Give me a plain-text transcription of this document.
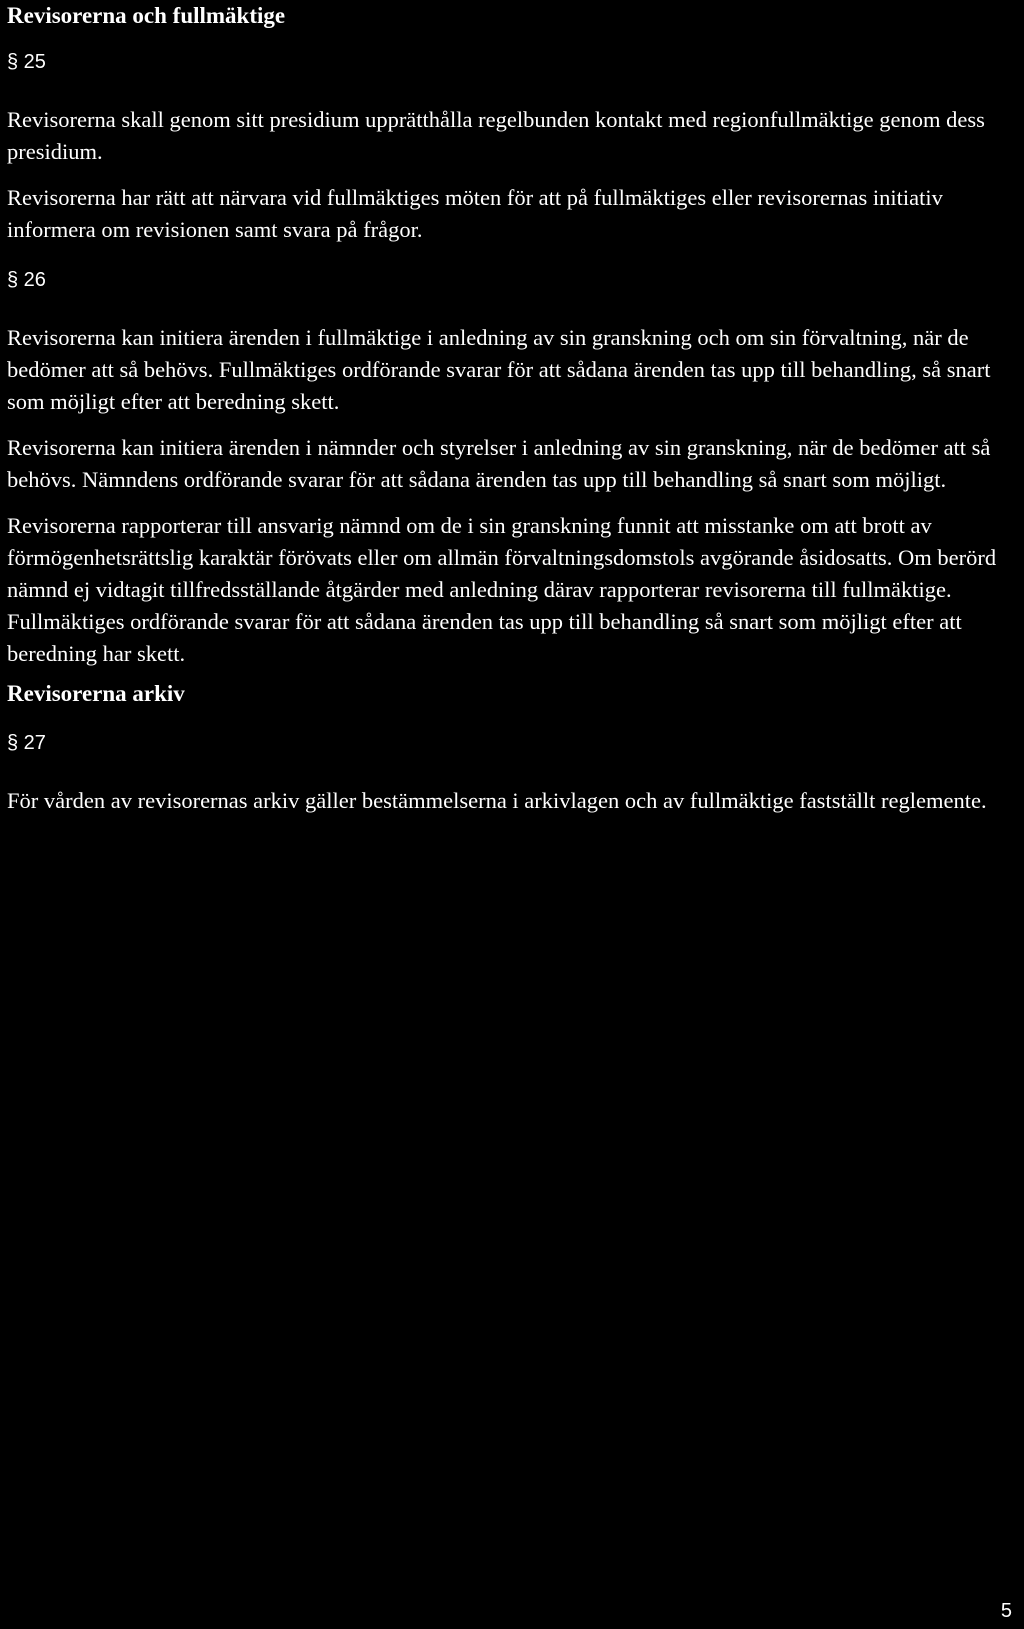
Revisorerna och fullmäktige
§ 25

Revisorerna skall genom sitt presidium upprätthålla regelbunden kontakt med regionfullmäktige genom dess presidium.

Revisorerna har rätt att närvara vid fullmäktiges möten för att på fullmäktiges eller revisorernas initiativ informera om revisionen samt svara på frågor.

§ 26

Revisorerna kan initiera ärenden i fullmäktige i anledning av sin granskning och om sin förvaltning, när de bedömer att så behövs. Fullmäktiges ordförande svarar för att sådana ärenden tas upp till behandling, så snart som möjligt efter att beredning skett.

Revisorerna kan initiera ärenden i nämnder och styrelser i anledning av sin granskning, när de bedömer att så behövs. Nämndens ordförande svarar för att sådana ärenden tas upp till behandling så snart som möjligt.

Revisorerna rapporterar till ansvarig nämnd om de i sin granskning funnit att misstanke om att brott av förmögenhetsrättslig karaktär förövats eller om allmän förvaltningsdomstols avgörande åsidosatts. Om berörd nämnd ej vidtagit tillfredsställande åtgärder med anledning därav rapporterar revisorerna till fullmäktige. Fullmäktiges ordförande svarar för att sådana ärenden tas upp till behandling så snart som möjligt efter att beredning har skett.

Revisorerna arkiv
§ 27

För vården av revisorernas arkiv gäller bestämmelserna i arkivlagen och av fullmäktige fastställt reglemente.

5
